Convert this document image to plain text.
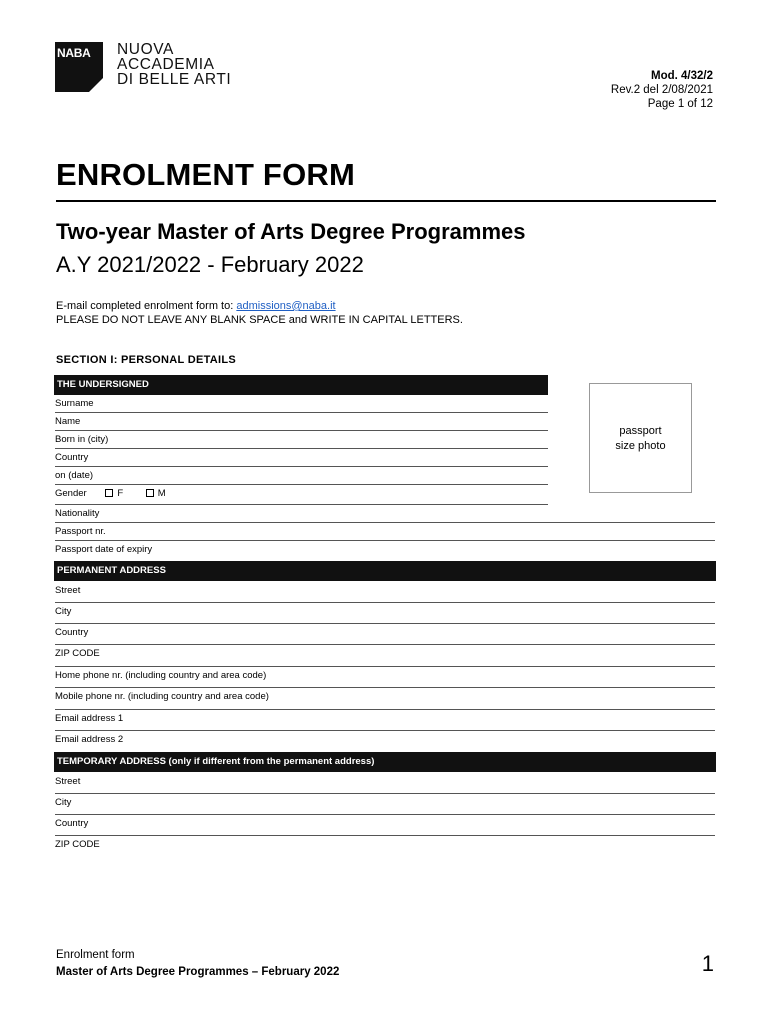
NABA NUOVA
ACCADEMIA
DI BELLE ARTI	Mod. 4/32/2
Rev.2 del 2/08/2021
Page 1 of 12
ENROLMENT FORM
Two-year Master of Arts Degree Programmes
A.Y 2021/2022 - February 2022
E-mail completed enrolment form to: admissions@naba.it
PLEASE DO NOT LEAVE ANY BLANK SPACE and WRITE IN CAPITAL LETTERS.
SECTION I: PERSONAL DETAILS
THE UNDERSIGNED
Surname
Name
Born in (city)
Country
on (date)
Gender	F	M
Nationality
Passport nr.
Passport date of expiry
passport
size photo
PERMANENT ADDRESS
Street
City
Country
ZIP CODE
Home phone nr. (including country and area code)
Mobile phone nr. (including country and area code)
Email address 1
Email address 2
TEMPORARY ADDRESS (only if different from the permanent address)
Street
City
Country
ZIP CODE
Enrolment form
Master of Arts Degree Programmes – February 2022	1
